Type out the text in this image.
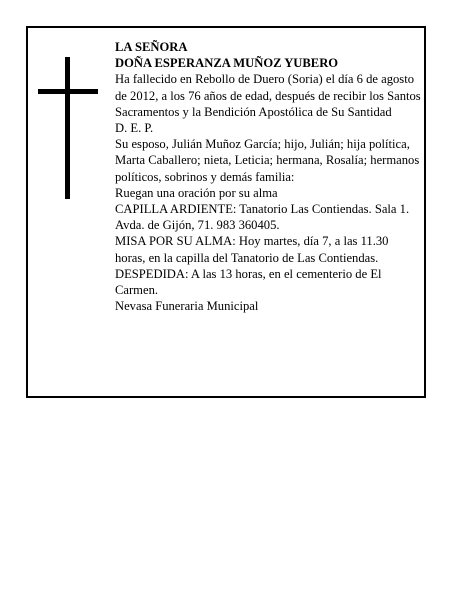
LA SEÑORA

DOÑA ESPERANZA MUÑOZ YUBERO

Ha fallecido en Rebollo de Duero (Soria) el día 6 de agosto de 2012, a los 76 años de edad, después de recibir los Santos Sacramentos y la Bendición Apostólica de Su Santidad

D. E. P.

Su esposo, Julián Muñoz García; hijo, Julián; hija política, Marta Caballero; nieta, Leticia; hermana, Rosalía; hermanos políticos, sobrinos y demás familia:

Ruegan una oración por su alma

CAPILLA ARDIENTE: Tanatorio Las Contiendas. Sala 1. Avda. de Gijón, 71. 983 360405.

MISA POR SU ALMA: Hoy martes, día 7, a las 11.30 horas, en la capilla del Tanatorio de Las Contiendas.

DESPEDIDA: A las 13 horas, en el cementerio de El Carmen.

Nevasa Funeraria Municipal
